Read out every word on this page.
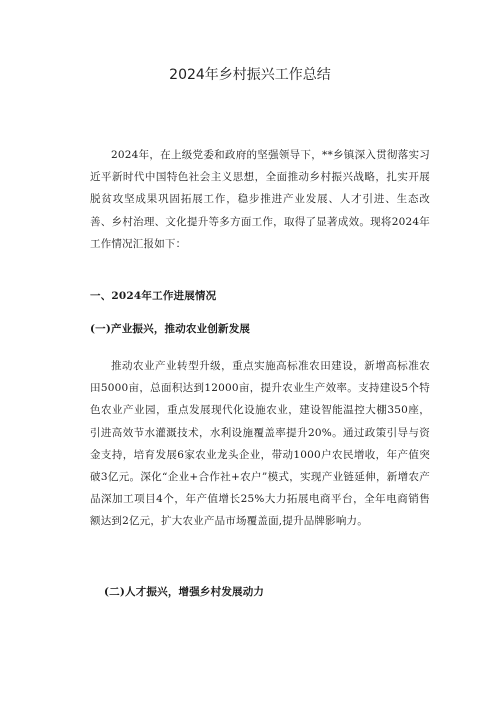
2024年乡村振兴工作总结

2024年，在上级党委和政府的坚强领导下，**乡镇深入贯彻落实习近平新时代中国特色社会主义思想，全面推动乡村振兴战略，扎实开展脱贫攻坚成果巩固拓展工作，稳步推进产业发展、人才引进、生态改善、乡村治理、文化提升等多方面工作，取得了显著成效。现将2024年工作情况汇报如下：

一、2024年工作进展情况

(一)产业振兴，推动农业创新发展

推动农业产业转型升级，重点实施高标准农田建设，新增高标准农田5000亩，总面积达到12000亩，提升农业生产效率。支持建设5个特色农业产业园，重点发展现代化设施农业，建设智能温控大棚350座，引进高效节水灌溉技术，水利设施覆盖率提升20%。通过政策引导与资金支持，培育发展6家农业龙头企业，带动1000户农民增收，年产值突破3亿元。深化“企业+合作社+农户”模式，实现产业链延伸，新增农产品深加工项目4个，年产值增长25%大力拓展电商平台，全年电商销售额达到2亿元，扩大农业产品市场覆盖面,提升品牌影响力。

(二)人才振兴，增强乡村发展动力
